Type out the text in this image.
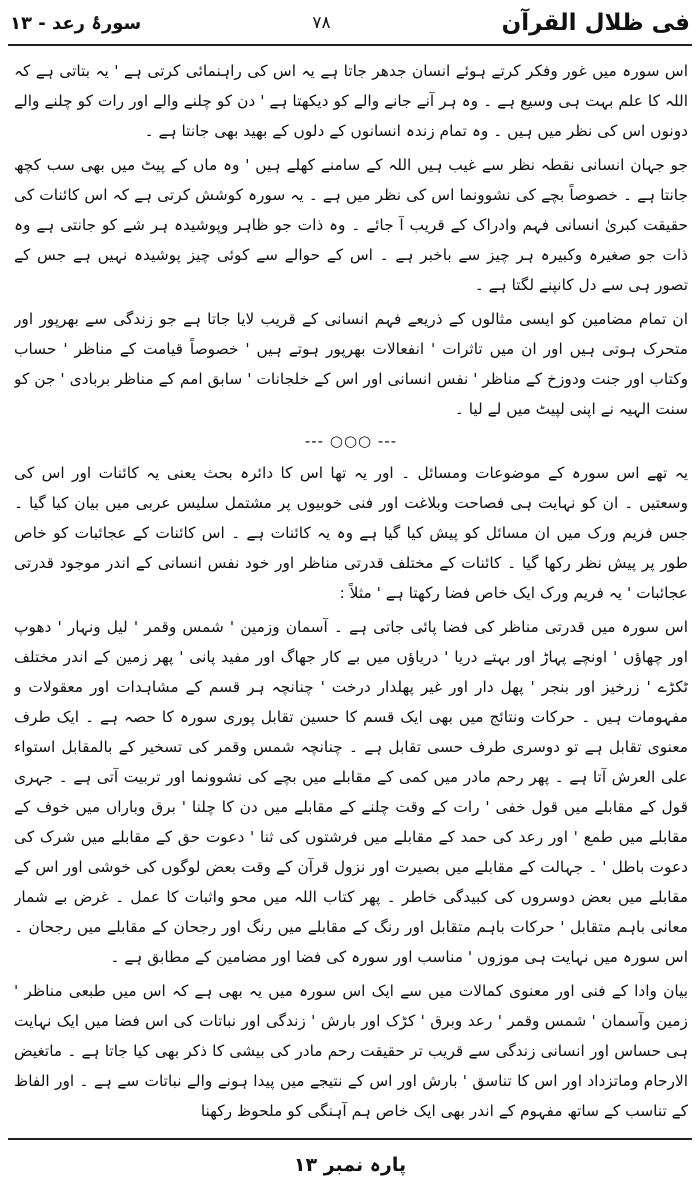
فی ظلال القرآن
۷۸
سورۂ رعد - ۱۳

اس سورہ میں غور وفکر کرتے ہوئے انسان جدھر جاتا ہے یہ اس کی راہنمائی کرتی ہے ' یہ بتاتی ہے کہ اللہ کا علم بہت ہی وسیع ہے ۔ وہ ہر آنے جانے والے کو دیکھتا ہے ' دن کو چلنے والے اور رات کو چلنے والے دونوں اس کی نظر میں ہیں ۔ وہ تمام زندہ انسانوں کے دلوں کے بھید بھی جانتا ہے ۔

جو جہان انسانی نقطہ نظر سے غیب ہیں اللہ کے سامنے کھلے ہیں ' وہ ماں کے پیٹ میں بھی سب کچھ جانتا ہے ۔ خصوصاً بچے کی نشوونما اس کی نظر میں ہے ۔ یہ سورہ کوشش کرتی ہے کہ اس کائنات کی حقیقت کبریٰ انسانی فہم وادراک کے قریب آ جائے ۔ وہ ذات جو ظاہر وپوشیدہ ہر شے کو جانتی ہے وہ ذات جو صغیرہ وکبیرہ ہر چیز سے باخبر ہے ۔ اس کے حوالے سے کوئی چیز پوشیدہ نہیں ہے جس کے تصور ہی سے دل کانپنے لگتا ہے ۔

ان تمام مضامین کو ایسی مثالوں کے ذریعے فہم انسانی کے قریب لایا جاتا ہے جو زندگی سے بھرپور اور متحرک ہوتی ہیں اور ان میں تاثرات ' انفعالات بھرپور ہوتے ہیں ' خصوصاً قیامت کے مناظر ' حساب وکتاب اور جنت ودوزخ کے مناظر ' نفس انسانی اور اس کے خلجانات ' سابق امم کے مناظر بربادی ' جن کو سنت الہیہ نے اپنی لپیٹ میں لے لیا ۔

--- ○○○ ---

یہ تھے اس سورہ کے موضوعات ومسائل ۔ اور یہ تھا اس کا دائرہ بحث یعنی یہ کائنات اور اس کی وسعتیں ۔ ان کو نہایت ہی فصاحت وبلاغت اور فنی خوبیوں پر مشتمل سلیس عربی میں بیان کیا گیا ۔ جس فریم ورک میں ان مسائل کو پیش کیا گیا ہے وہ یہ کائنات ہے ۔ اس کائنات کے عجائبات کو خاص طور پر پیش نظر رکھا گیا ۔ کائنات کے مختلف قدرتی مناظر اور خود نفس انسانی کے اندر موجود قدرتی عجائبات ' یہ فریم ورک ایک خاص فضا رکھتا ہے ' مثلاً :

اس سورہ میں قدرتی مناظر کی فضا پائی جاتی ہے ۔ آسمان وزمین ' شمس وقمر ' لیل ونہار ' دھوپ اور چھاؤں ' اونچے پہاڑ اور بہتے دریا ' دریاؤں میں بے کار جھاگ اور مفید پانی ' پھر زمین کے اندر مختلف ٹکڑے ' زرخیز اور بنجر ' پھل دار اور غیر پھلدار درخت ' چنانچہ ہر قسم کے مشاہدات اور معقولات و مفہومات ہیں ۔ حرکات ونتائج میں بھی ایک قسم کا حسین تقابل پوری سورہ کا حصہ ہے ۔ ایک طرف معنوی تقابل ہے تو دوسری طرف حسی تقابل ہے ۔ چنانچہ شمس وقمر کی تسخیر کے بالمقابل استواء علی العرش آتا ہے ۔ پھر رحم مادر میں کمی کے مقابلے میں بچے کی نشوونما اور تربیت آتی ہے ۔ جہری قول کے مقابلے میں قول خفی ' رات کے وقت چلنے کے مقابلے میں دن کا چلنا ' برق وباراں میں خوف کے مقابلے میں طمع ' اور رعد کی حمد کے مقابلے میں فرشتوں کی ثنا ' دعوت حق کے مقابلے میں شرک کی دعوت باطل ' ۔ جہالت کے مقابلے میں بصیرت اور نزول قرآن کے وقت بعض لوگوں کی خوشی اور اس کے مقابلے میں بعض دوسروں کی کبیدگی خاطر ۔ پھر کتاب اللہ میں محو واثبات کا عمل ۔ غرض بے شمار معانی باہم متقابل ' حرکات باہم متقابل اور رنگ کے مقابلے میں رنگ اور رجحان کے مقابلے میں رجحان ۔ اس سورہ میں نہایت ہی موزوں ' مناسب اور سورہ کی فضا اور مضامین کے مطابق ہے ۔

بیان وادا کے فنی اور معنوی کمالات میں سے ایک اس سورہ میں یہ بھی ہے کہ اس میں طبعی مناظر ' زمین وآسمان ' شمس وقمر ' رعد وبرق ' کڑک اور بارش ' زندگی اور نباتات کی اس فضا میں ایک نہایت ہی حساس اور انسانی زندگی سے قریب تر حقیقت رحم مادر کی بیشی کا ذکر بھی کیا جاتا ہے ۔ ماتغیض الارحام وماتزداد اور اس کا تناسق ' بارش اور اس کے نتیجے میں پیدا ہونے والے نباتات سے ہے ۔ اور الفاظ کے تناسب کے ساتھ مفہوم کے اندر بھی ایک خاص ہم آہنگی کو ملحوظ رکھنا

پارہ نمبر ۱۳
